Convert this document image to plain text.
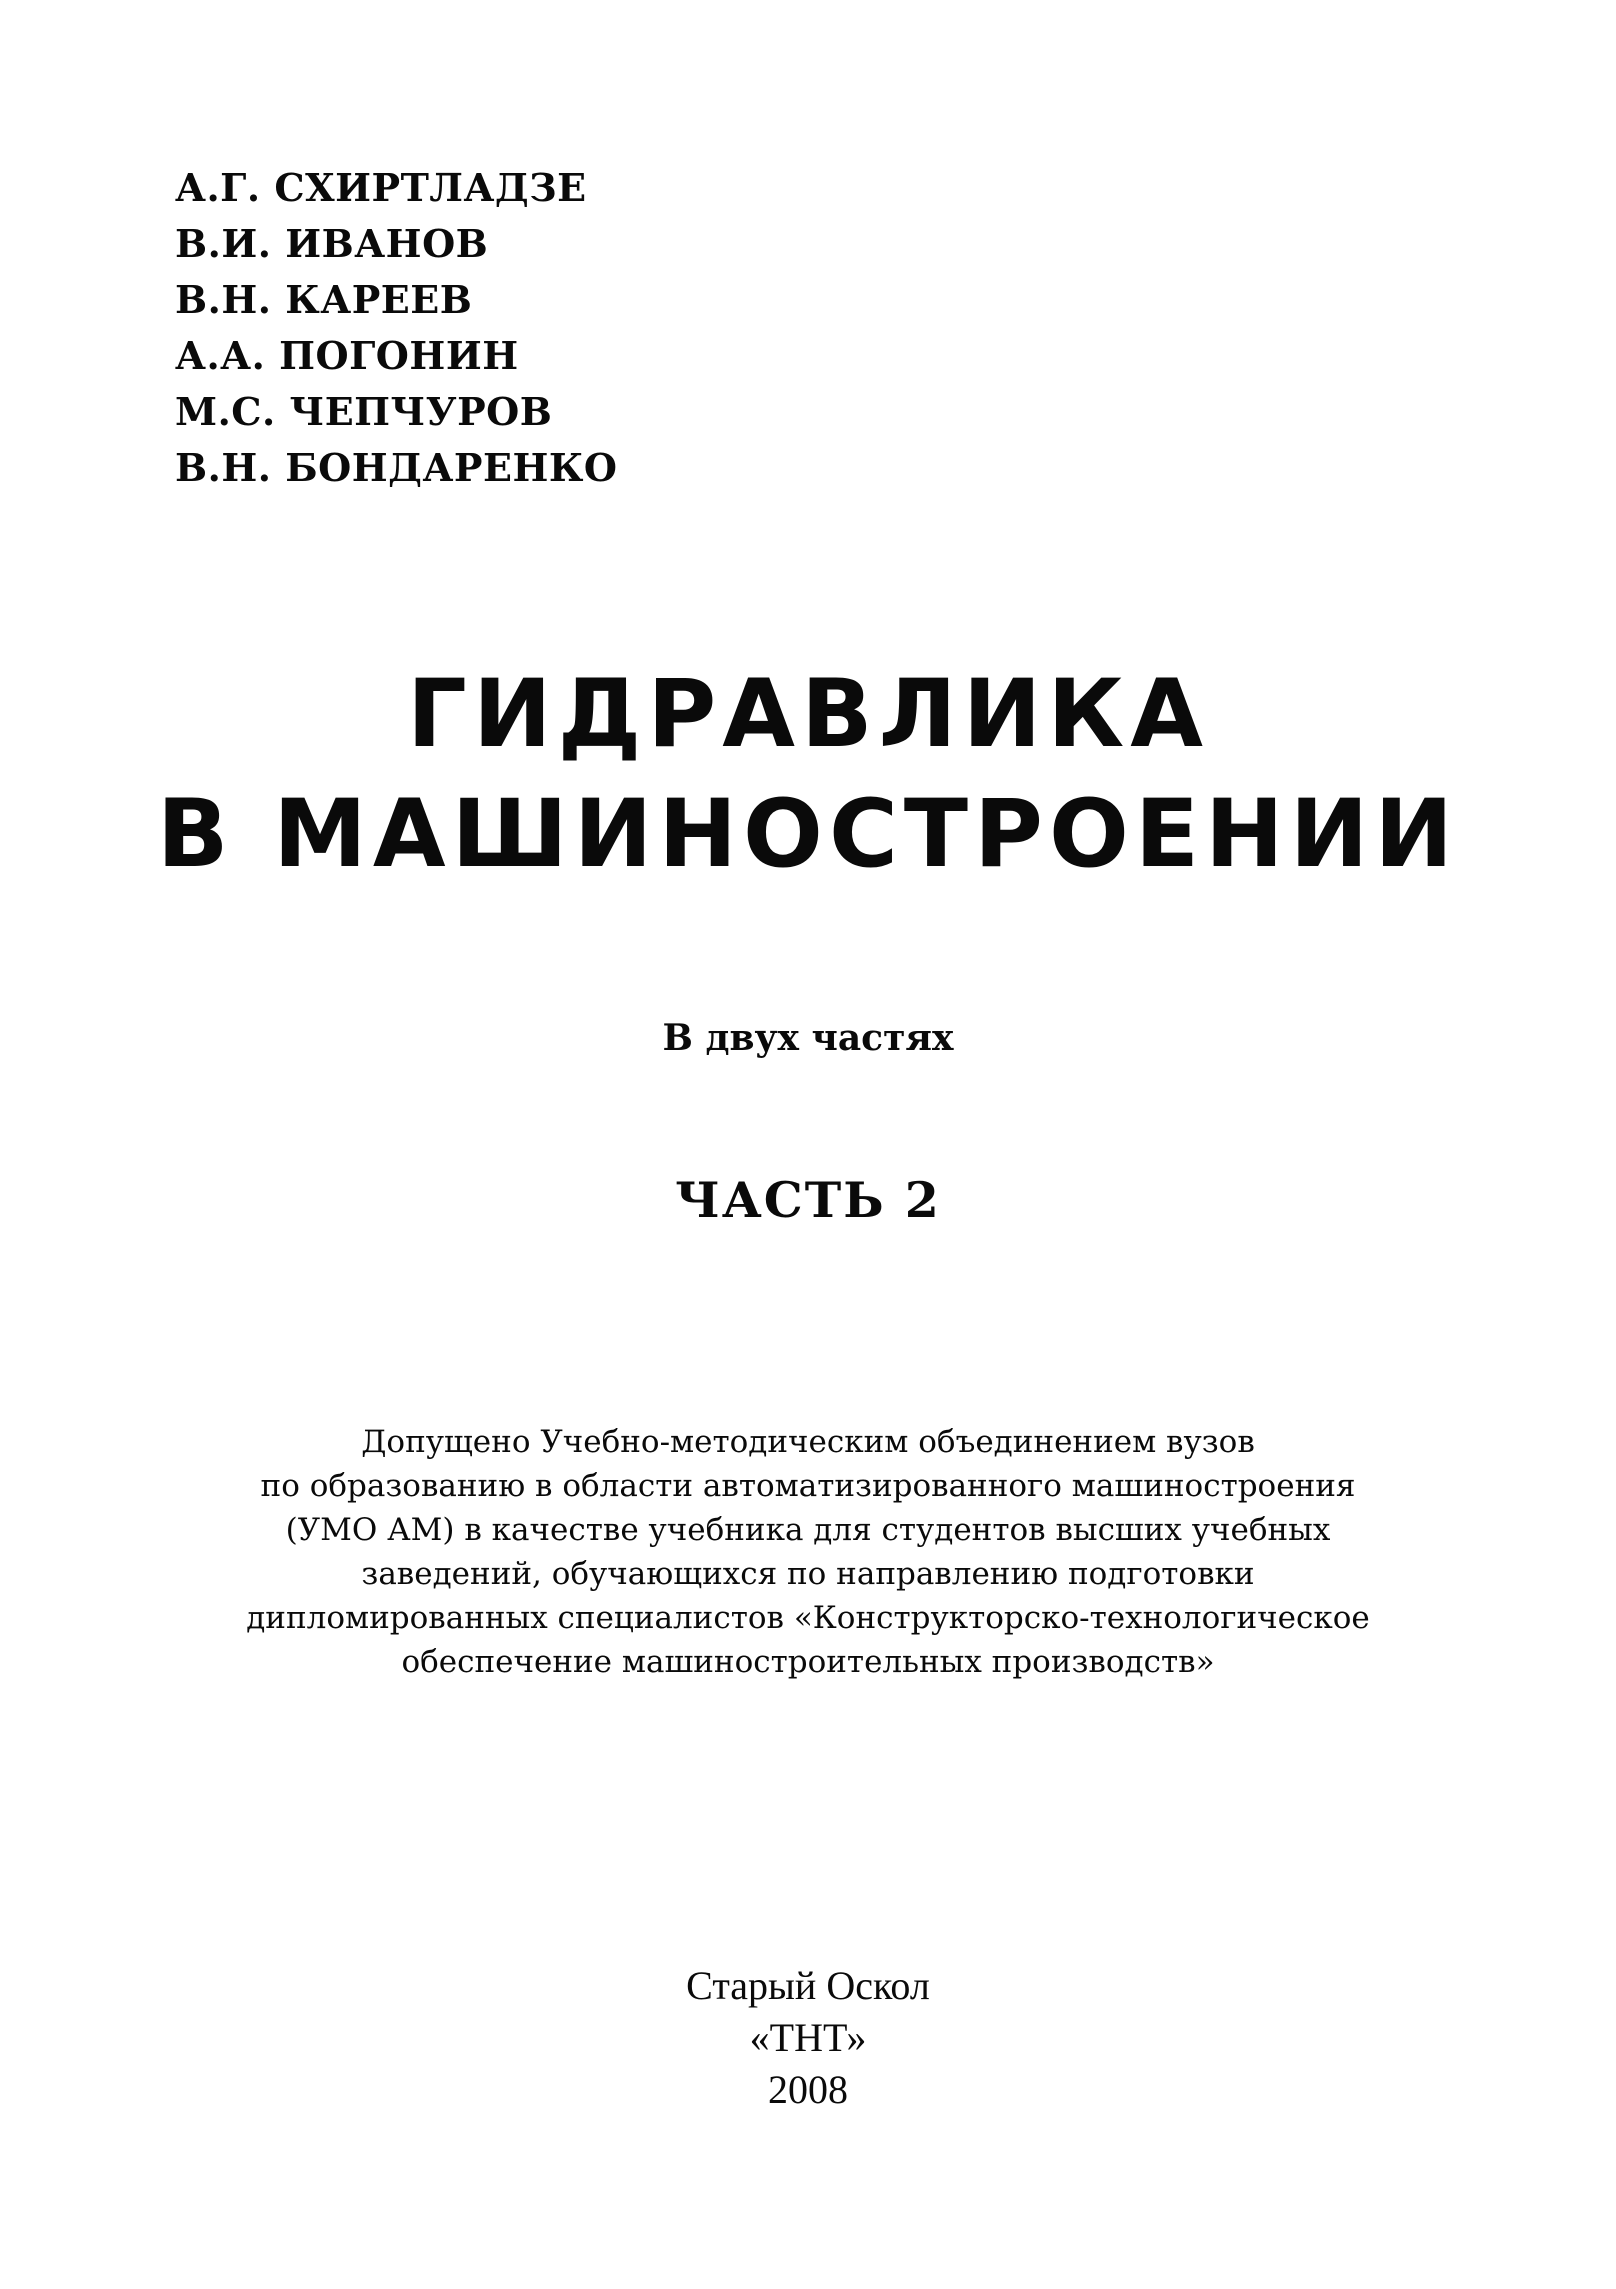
А.Г. СХИРТЛАДЗЕ
В.И. ИВАНОВ
В.Н. КАРЕЕВ
А.А. ПОГОНИН
М.С. ЧЕПЧУРОВ
В.Н. БОНДАРЕНКО
ГИДРАВЛИКА
В МАШИНОСТРОЕНИИ
В двух частях
ЧАСТЬ 2
Допущено Учебно-методическим объединением вузов
по образованию в области автоматизированного машиностроения
(УМО АМ) в качестве учебника для студентов высших учебных
заведений, обучающихся по направлению подготовки
дипломированных специалистов «Конструкторско-технологическое
обеспечение машиностроительных производств»
Старый Оскол
«ТНТ»
2008
